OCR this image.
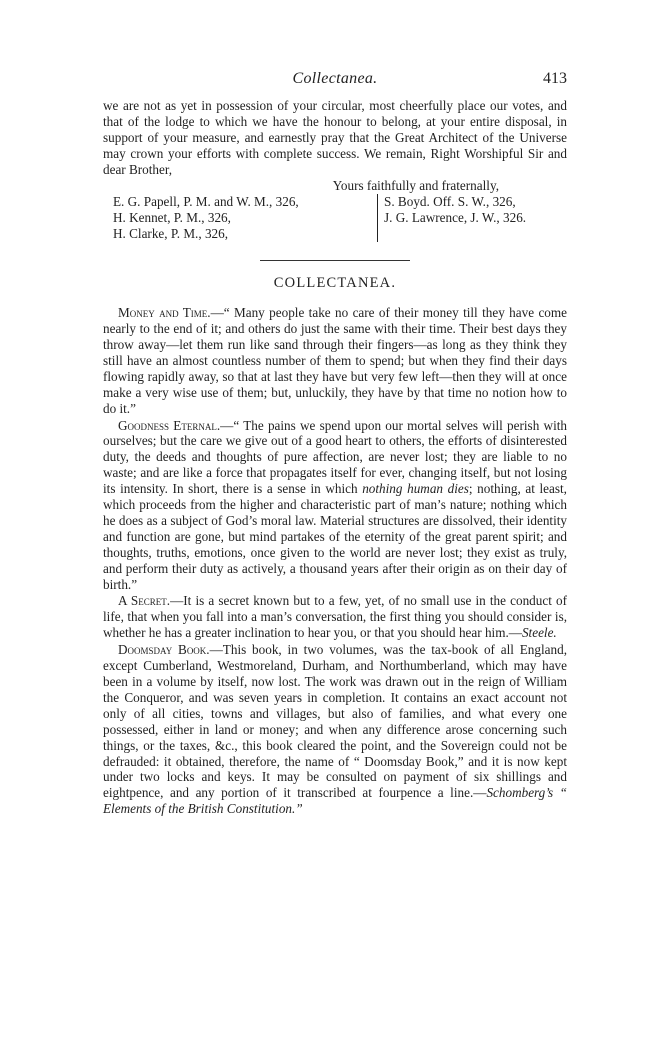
Collectanea.	413

we are not as yet in possession of your circular, most cheerfully place our votes, and that of the lodge to which we have the honour to belong, at your entire disposal, in support of your measure, and earnestly pray that the Great Architect of the Universe may crown your efforts with complete success. We remain, Right Worshipful Sir and dear Brother,

Yours faithfully and fraternally,

E. G. Papell, P. M. and W. M., 326,
H. Kennet, P. M., 326,
H. Clarke, P. M., 326,
S. Boyd. Off. S. W., 326,
J. G. Lawrence, J. W., 326.
COLLECTANEA.

Money and Time.—“ Many people take no care of their money till they have come nearly to the end of it; and others do just the same with their time. Their best days they throw away—let them run like sand through their fingers—as long as they think they still have an almost countless number of them to spend; but when they find their days flowing rapidly away, so that at last they have but very few left—then they will at once make a very wise use of them; but, unluckily, they have by that time no notion how to do it.”

Goodness Eternal.—“ The pains we spend upon our mortal selves will perish with ourselves; but the care we give out of a good heart to others, the efforts of disinterested duty, the deeds and thoughts of pure affection, are never lost; they are liable to no waste; and are like a force that propagates itself for ever, changing itself, but not losing its intensity. In short, there is a sense in which nothing human dies; nothing, at least, which proceeds from the higher and characteristic part of man’s nature; nothing which he does as a subject of God’s moral law. Material structures are dissolved, their identity and function are gone, but mind partakes of the eternity of the great parent spirit; and thoughts, truths, emotions, once given to the world are never lost; they exist as truly, and perform their duty as actively, a thousand years after their origin as on their day of birth.”

A Secret.—It is a secret known but to a few, yet, of no small use in the conduct of life, that when you fall into a man’s conversation, the first thing you should consider is, whether he has a greater inclination to hear you, or that you should hear him.—Steele.

Doomsday Book.—This book, in two volumes, was the tax-book of all England, except Cumberland, Westmoreland, Durham, and Northumberland, which may have been in a volume by itself, now lost. The work was drawn out in the reign of William the Conqueror, and was seven years in completion. It contains an exact account not only of all cities, towns and villages, but also of families, and what every one possessed, either in land or money; and when any difference arose concerning such things, or the taxes, &c., this book cleared the point, and the Sovereign could not be defrauded: it obtained, therefore, the name of “ Doomsday Book,” and it is now kept under two locks and keys. It may be consulted on payment of six shillings and eightpence, and any portion of it transcribed at fourpence a line.—Schomberg’s “ Elements of the British Constitution.”
